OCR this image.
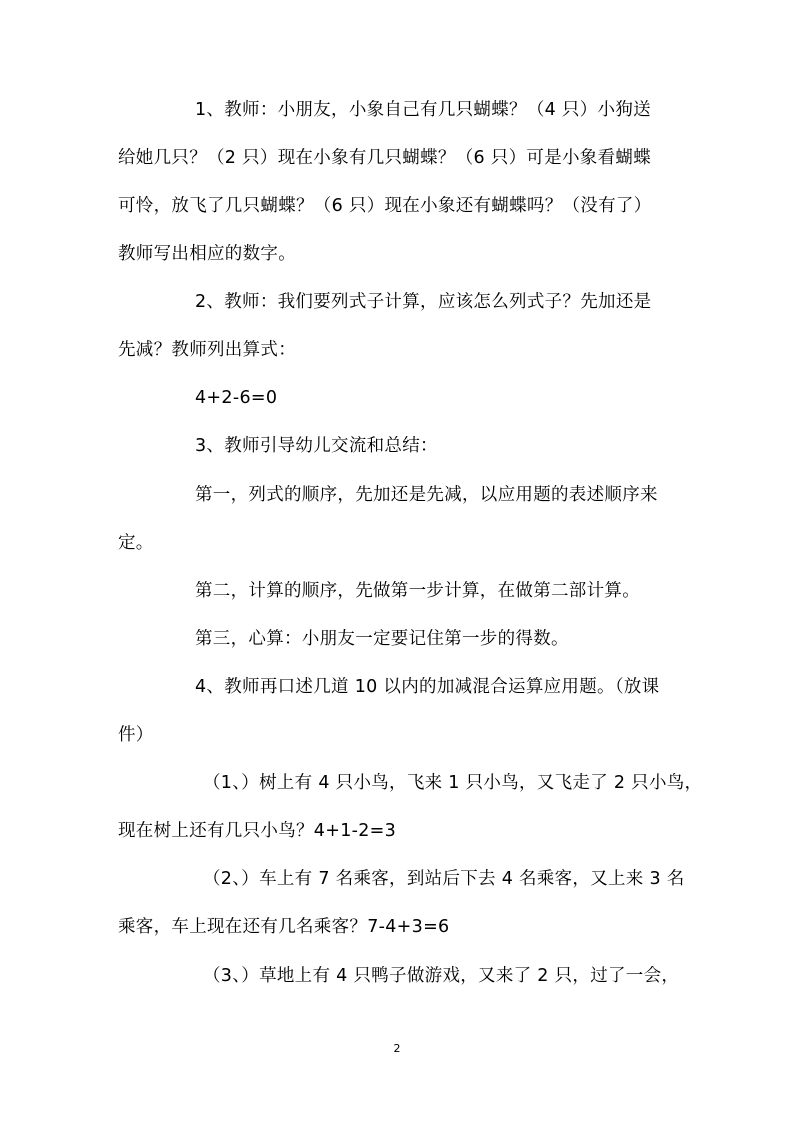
1、教师：小朋友，小象自己有几只蝴蝶？（4 只）小狗送
给她几只？（2 只）现在小象有几只蝴蝶？（6 只）可是小象看蝴蝶
可怜，放飞了几只蝴蝶？（6 只）现在小象还有蝴蝶吗？（没有了）
教师写出相应的数字。
2、教师：我们要列式子计算，应该怎么列式子？先加还是
先减？教师列出算式：
4+2-6=0
3、教师引导幼儿交流和总结：
第一，列式的顺序，先加还是先减，以应用题的表述顺序来
定。
第二，计算的顺序，先做第一步计算，在做第二部计算。
第三，心算：小朋友一定要记住第一步的得数。
4、教师再口述几道 10 以内的加减混合运算应用题。（放课
件）
（1、）树上有 4 只小鸟，飞来 1 只小鸟，又飞走了 2 只小鸟，
现在树上还有几只小鸟？4+1-2=3
（2、）车上有 7 名乘客，到站后下去 4 名乘客，又上来 3 名
乘客，车上现在还有几名乘客？7-4+3=6
（3、）草地上有 4 只鸭子做游戏，又来了 2 只，过了一会，
2
